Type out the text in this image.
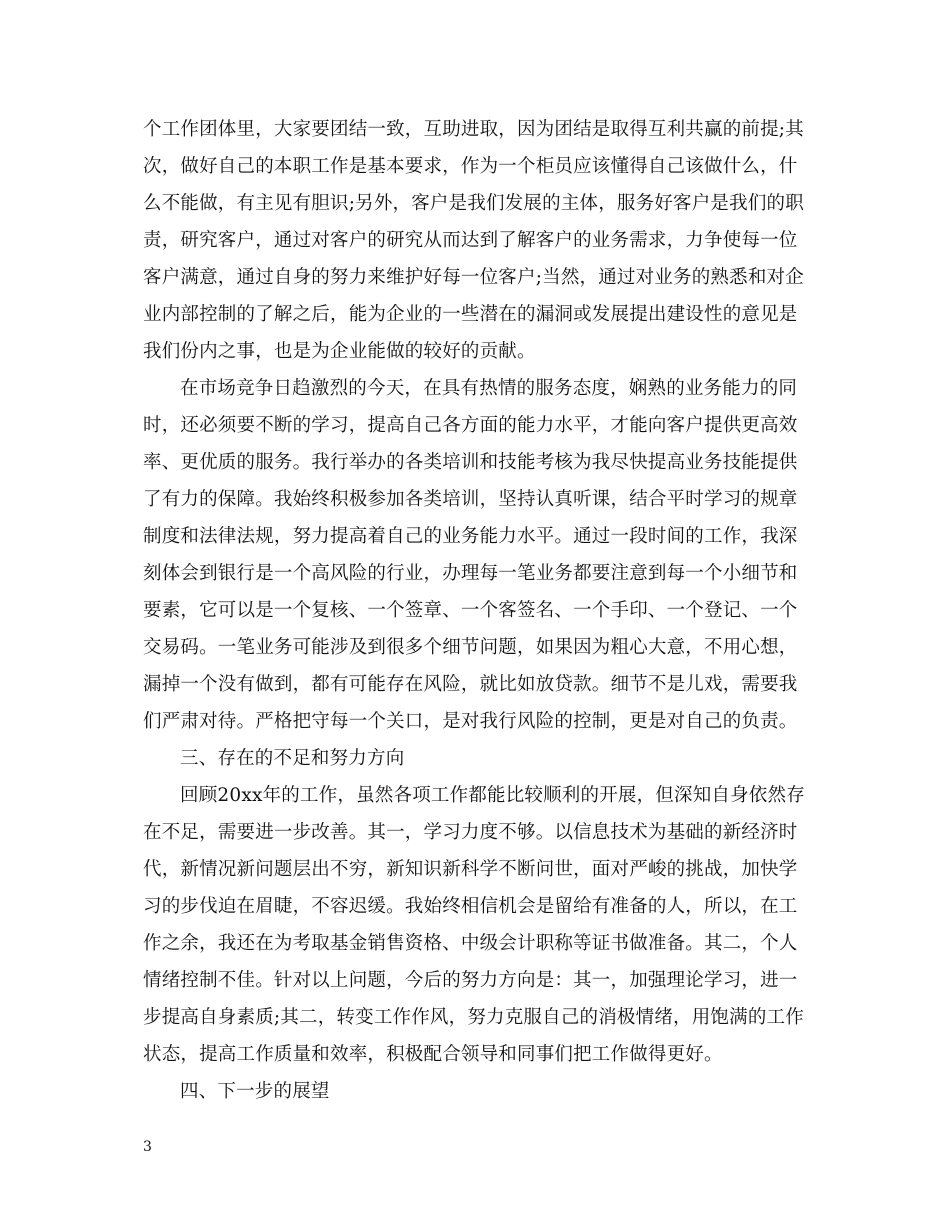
个工作团体里，大家要团结一致，互助进取，因为团结是取得互利共赢的前提;其
次，做好自己的本职工作是基本要求，作为一个柜员应该懂得自己该做什么，什
么不能做，有主见有胆识;另外，客户是我们发展的主体，服务好客户是我们的职
责，研究客户，通过对客户的研究从而达到了解客户的业务需求，力争使每一位
客户满意，通过自身的努力来维护好每一位客户;当然，通过对业务的熟悉和对企
业内部控制的了解之后，能为企业的一些潜在的漏洞或发展提出建设性的意见是
我们份内之事，也是为企业能做的较好的贡献。
在市场竞争日趋激烈的今天，在具有热情的服务态度，娴熟的业务能力的同
时，还必须要不断的学习，提高自己各方面的能力水平，才能向客户提供更高效
率、更优质的服务。我行举办的各类培训和技能考核为我尽快提高业务技能提供
了有力的保障。我始终积极参加各类培训，坚持认真听课，结合平时学习的规章
制度和法律法规，努力提高着自己的业务能力水平。通过一段时间的工作，我深
刻体会到银行是一个高风险的行业，办理每一笔业务都要注意到每一个小细节和
要素，它可以是一个复核、一个签章、一个客签名、一个手印、一个登记、一个
交易码。一笔业务可能涉及到很多个细节问题，如果因为粗心大意，不用心想，
漏掉一个没有做到，都有可能存在风险，就比如放贷款。细节不是儿戏，需要我
们严肃对待。严格把守每一个关口，是对我行风险的控制，更是对自己的负责。
三、存在的不足和努力方向
回顾20xx年的工作，虽然各项工作都能比较顺利的开展，但深知自身依然存
在不足，需要进一步改善。其一，学习力度不够。以信息技术为基础的新经济时
代，新情况新问题层出不穷，新知识新科学不断问世，面对严峻的挑战，加快学
习的步伐迫在眉睫，不容迟缓。我始终相信机会是留给有准备的人，所以，在工
作之余，我还在为考取基金销售资格、中级会计职称等证书做准备。其二，个人
情绪控制不佳。针对以上问题，今后的努力方向是：其一，加强理论学习，进一
步提高自身素质;其二，转变工作作风，努力克服自己的消极情绪，用饱满的工作
状态，提高工作质量和效率，积极配合领导和同事们把工作做得更好。
四、下一步的展望
3
